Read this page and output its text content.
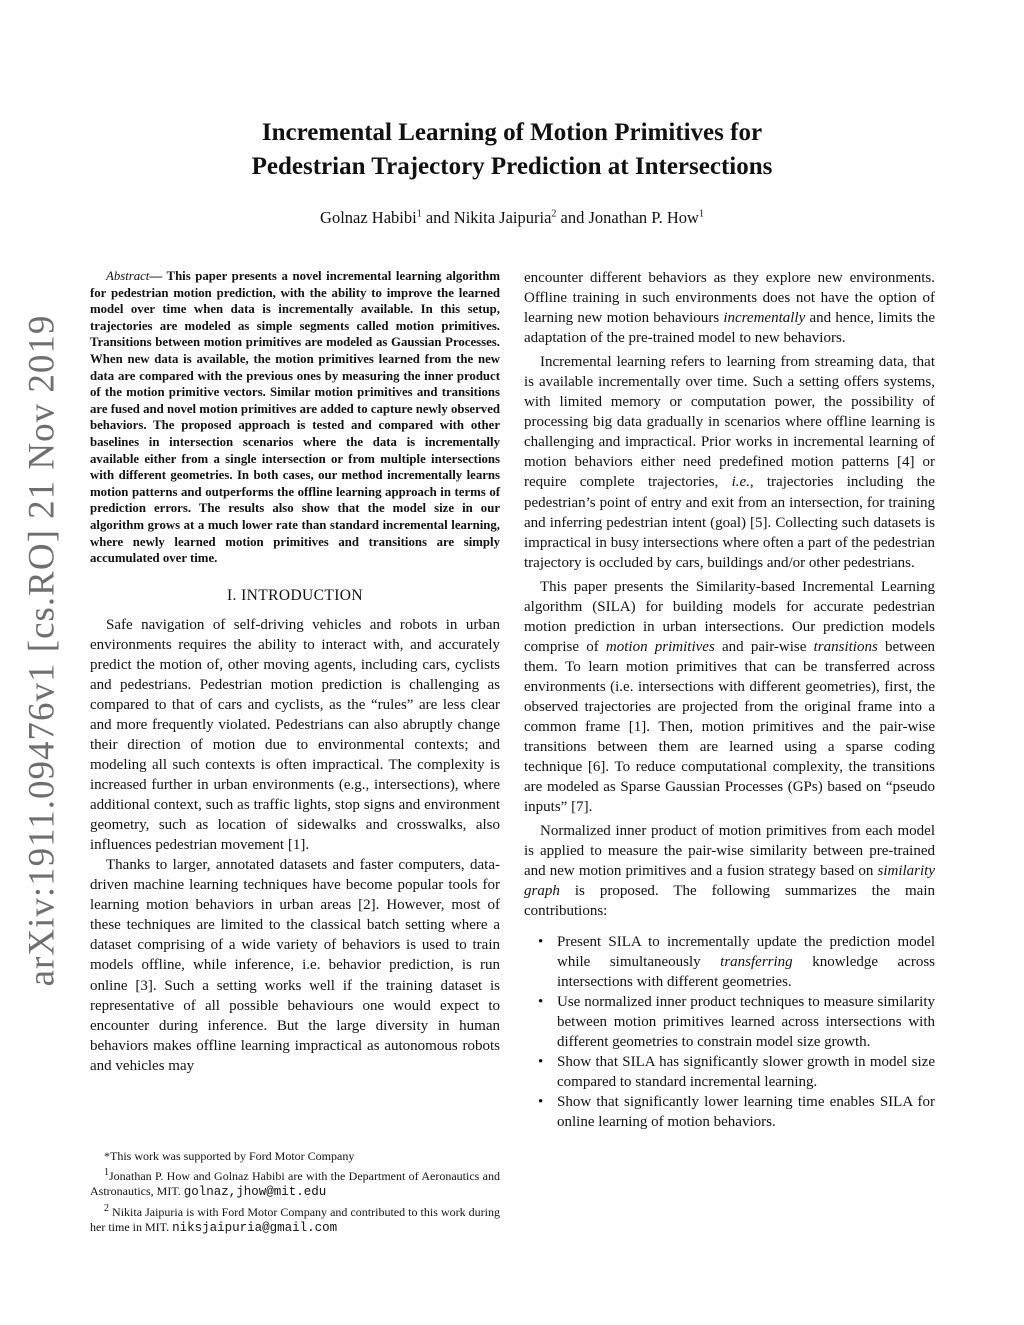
arXiv:1911.09476v1 [cs.RO] 21 Nov 2019
Incremental Learning of Motion Primitives for
Pedestrian Trajectory Prediction at Intersections
Golnaz Habibi$^1$ and Nikita Jaipuria$^2$ and Jonathan P. How$^1$

Abstract— This paper presents a novel incremental learning algorithm for pedestrian motion prediction, with the ability to improve the learned model over time when data is incrementally available. In this setup, trajectories are modeled as simple segments called motion primitives. Transitions between motion primitives are modeled as Gaussian Processes. When new data is available, the motion primitives learned from the new data are compared with the previous ones by measuring the inner product of the motion primitive vectors. Similar motion primitives and transitions are fused and novel motion primitives are added to capture newly observed behaviors. The proposed approach is tested and compared with other baselines in intersection scenarios where the data is incrementally available either from a single intersection or from multiple intersections with different geometries. In both cases, our method incrementally learns motion patterns and outperforms the offline learning approach in terms of prediction errors. The results also show that the model size in our algorithm grows at a much lower rate than standard incremental learning, where newly learned motion primitives and transitions are simply accumulated over time.

I. INTRODUCTION

Safe navigation of self-driving vehicles and robots in urban environments requires the ability to interact with, and accurately predict the motion of, other moving agents, including cars, cyclists and pedestrians. Pedestrian motion prediction is challenging as compared to that of cars and cyclists, as the “rules” are less clear and more frequently violated. Pedestrians can also abruptly change their direction of motion due to environmental contexts; and modeling all such contexts is often impractical. The complexity is increased further in urban environments (e.g., intersections), where additional context, such as traffic lights, stop signs and environment geometry, such as location of sidewalks and crosswalks, also influences pedestrian movement [1].

Thanks to larger, annotated datasets and faster computers, data-driven machine learning techniques have become popular tools for learning motion behaviors in urban areas [2]. However, most of these techniques are limited to the classical batch setting where a dataset comprising of a wide variety of behaviors is used to train models offline, while inference, i.e. behavior prediction, is run online [3]. Such a setting works well if the training dataset is representative of all possible behaviours one would expect to encounter during inference. But the large diversity in human behaviors makes offline learning impractical as autonomous robots and vehicles may

encounter different behaviors as they explore new environments. Offline training in such environments does not have the option of learning new motion behaviours incrementally and hence, limits the adaptation of the pre-trained model to new behaviors.

Incremental learning refers to learning from streaming data, that is available incrementally over time. Such a setting offers systems, with limited memory or computation power, the possibility of processing big data gradually in scenarios where offline learning is challenging and impractical. Prior works in incremental learning of motion behaviors either need predefined motion patterns [4] or require complete trajectories, i.e., trajectories including the pedestrian’s point of entry and exit from an intersection, for training and inferring pedestrian intent (goal) [5]. Collecting such datasets is impractical in busy intersections where often a part of the pedestrian trajectory is occluded by cars, buildings and/or other pedestrians.

This paper presents the Similarity-based Incremental Learning algorithm (SILA) for building models for accurate pedestrian motion prediction in urban intersections. Our prediction models comprise of motion primitives and pair-wise transitions between them. To learn motion primitives that can be transferred across environments (i.e. intersections with different geometries), first, the observed trajectories are projected from the original frame into a common frame [1]. Then, motion primitives and the pair-wise transitions between them are learned using a sparse coding technique [6]. To reduce computational complexity, the transitions are modeled as Sparse Gaussian Processes (GPs) based on “pseudo inputs” [7].

Normalized inner product of motion primitives from each model is applied to measure the pair-wise similarity between pre-trained and new motion primitives and a fusion strategy based on similarity graph is proposed. The following summarizes the main contributions:

• Present SILA to incrementally update the prediction model while simultaneously transferring knowledge across intersections with different geometries.
• Use normalized inner product techniques to measure similarity between motion primitives learned across intersections with different geometries to constrain model size growth.
• Show that SILA has significantly slower growth in model size compared to standard incremental learning.
• Show that significantly lower learning time enables SILA for online learning of motion behaviors.

*This work was supported by Ford Motor Company

$^1$Jonathan P. How and Golnaz Habibi are with the Department of Aeronautics and Astronautics, MIT. golnaz,jhow@mit.edu

$^2$ Nikita Jaipuria is with Ford Motor Company and contributed to this work during her time in MIT. niksjaipuria@gmail.com
